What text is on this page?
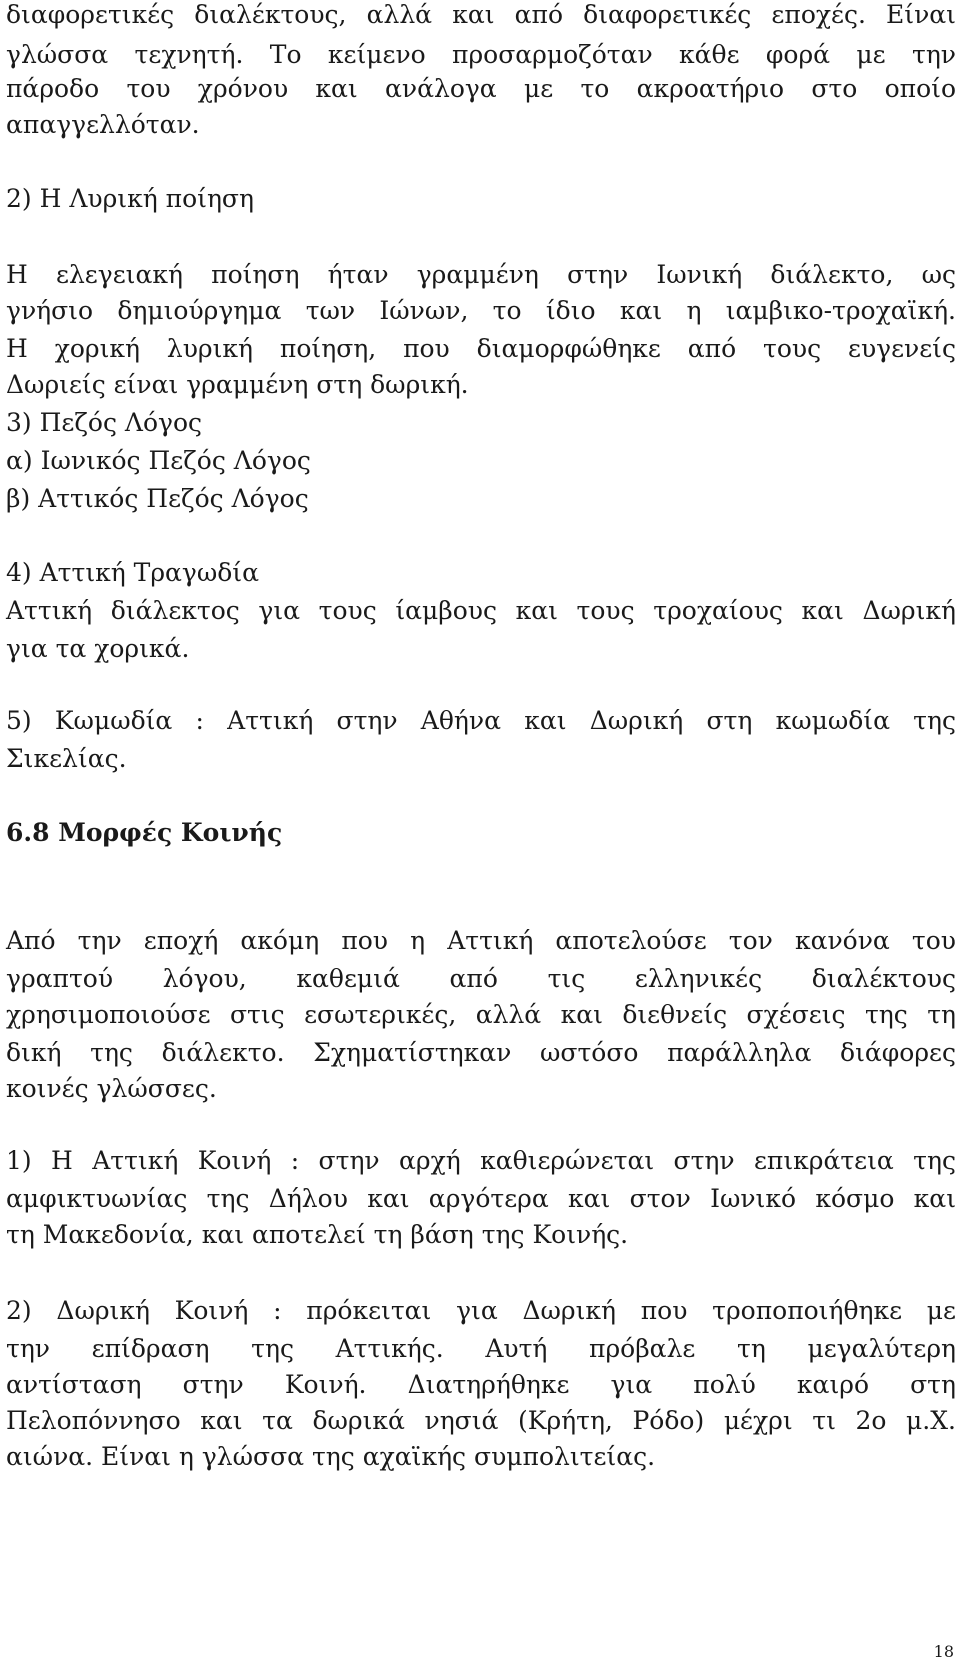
διαφορετικές διαλέκτους, αλλά και από διαφορετικές εποχές. Είναι
γλώσσα τεχνητή. Το κείμενο προσαρμοζόταν κάθε φορά με την
πάροδο του χρόνου και ανάλογα με το ακροατήριο στο οποίο
απαγγελλόταν.
2) Η Λυρική ποίηση
Η ελεγειακή ποίηση ήταν γραμμένη στην Ιωνική διάλεκτο, ως
γνήσιο δημιούργημα των Ιώνων, το ίδιο και η ιαμβικο-τροχαϊκή.
Η χορική λυρική ποίηση, που διαμορφώθηκε από τους ευγενείς
Δωριείς είναι γραμμένη στη δωρική.
3) Πεζός Λόγος
α) Ιωνικός Πεζός Λόγος
β) Αττικός Πεζός Λόγος
4) Αττική Τραγωδία
Αττική διάλεκτος για τους ίαμβους και τους τροχαίους και Δωρική
για τα χορικά.
5) Κωμωδία : Αττική στην Αθήνα και Δωρική στη κωμωδία της
Σικελίας.
6.8 Μορφές Κοινής
Από την εποχή ακόμη που η Αττική αποτελούσε τον κανόνα του
γραπτού λόγου, καθεμιά από τις ελληνικές διαλέκτους
χρησιμοποιούσε στις εσωτερικές, αλλά και διεθνείς σχέσεις της τη
δική της διάλεκτο. Σχηματίστηκαν ωστόσο παράλληλα διάφορες
κοινές γλώσσες.
1) Η Αττική Κοινή : στην αρχή καθιερώνεται στην επικράτεια της
αμφικτυωνίας της Δήλου και αργότερα και στον Ιωνικό κόσμο και
τη Μακεδονία, και αποτελεί τη βάση της Κοινής.
2) Δωρική Κοινή : πρόκειται για Δωρική που τροποποιήθηκε με
την επίδραση της Αττικής. Αυτή πρόβαλε τη μεγαλύτερη
αντίσταση στην Κοινή. Διατηρήθηκε για πολύ καιρό στη
Πελοπόννησο και τα δωρικά νησιά (Κρήτη, Ρόδο) μέχρι τι 2ο μ.Χ.
αιώνα. Είναι η γλώσσα της αχαϊκής συμπολιτείας.
18
